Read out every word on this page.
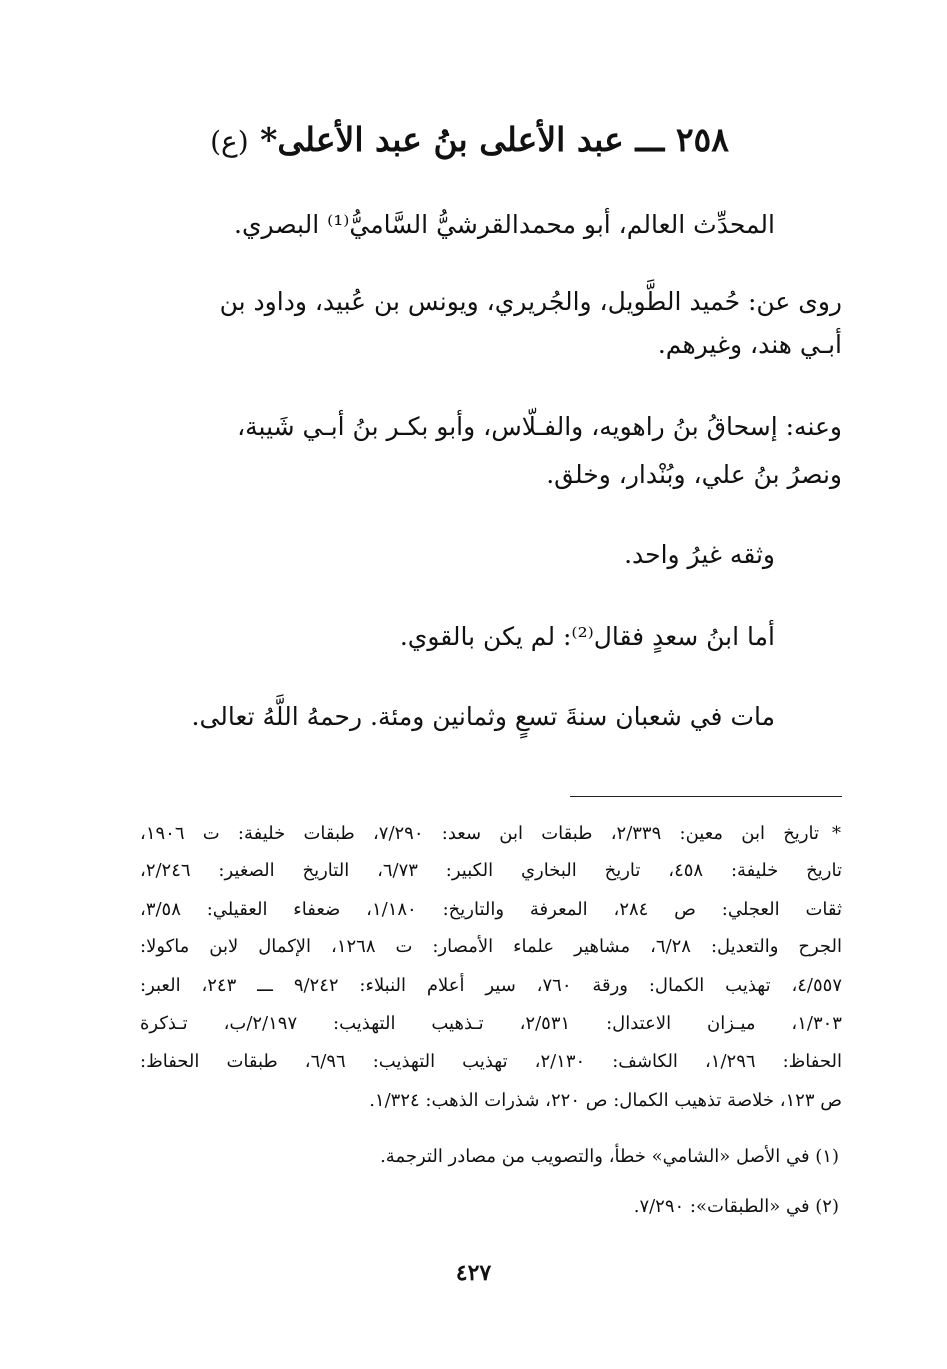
٢٥٨ ـــ عبد الأعلى بنُ عبد الأعلى* (ع)
المحدِّث العالم، أبو محمدالقرشيُّ السَّاميُّ⁽¹⁾ البصري.
روى عن: حُميد الطَّويل، والجُريري، ويونس بن عُبيد، وداود بن
أبـي هند، وغيرهم.
وعنه: إسحاقُ بنُ راهويه، والفـلّاس، وأبو بكـر بنُ أبـي شَيبة،
ونصرُ بنُ علي، وبُنْدار، وخلق.
وثقه غيرُ واحد.
أما ابنُ سعدٍ فقال⁽²⁾: لم يكن بالقوي.
مات في شعبان سنةَ تسعٍ وثمانين ومئة. رحمهُ اللَّهُ تعالى.
*
تاريخ ابن معين: ٢/٣٣٩، طبقات ابن سعد: ٧/٢٩٠، طبقات خليفة: ت ١٩٠٦،
تاريخ خليفة: ٤٥٨، تاريخ البخاري الكبير: ٦/٧٣، التاريخ الصغير: ٢/٢٤٦،
ثقات العجلي: ص ٢٨٤، المعرفة والتاريخ: ١/١٨٠، ضعفاء العقيلي: ٣/٥٨،
الجرح والتعديل: ٦/٢٨، مشاهير علماء الأمصار: ت ١٢٦٨، الإكمال لابن ماكولا:
٤/٥٥٧، تهذيب الكمال: ورقة ٧٦٠، سير أعلام النبلاء: ٩/٢٤٢ ـــ ٢٤٣، العبر:
١/٣٠٣، ميـزان الاعتدال: ٢/٥٣١، تـذهيب التهذيب: ٢/١٩٧/ب، تـذكرة
الحفاظ: ١/٢٩٦، الكاشف: ٢/١٣٠، تهذيب التهذيب: ٦/٩٦، طبقات الحفاظ:
ص ١٢٣، خلاصة تذهيب الكمال: ص ٢٢٠، شذرات الذهب: ١/٣٢٤.
(١) في الأصل «الشامي» خطأ، والتصويب من مصادر الترجمة.
(٢) في «الطبقات»: ٧/٢٩٠.
٤٢٧
